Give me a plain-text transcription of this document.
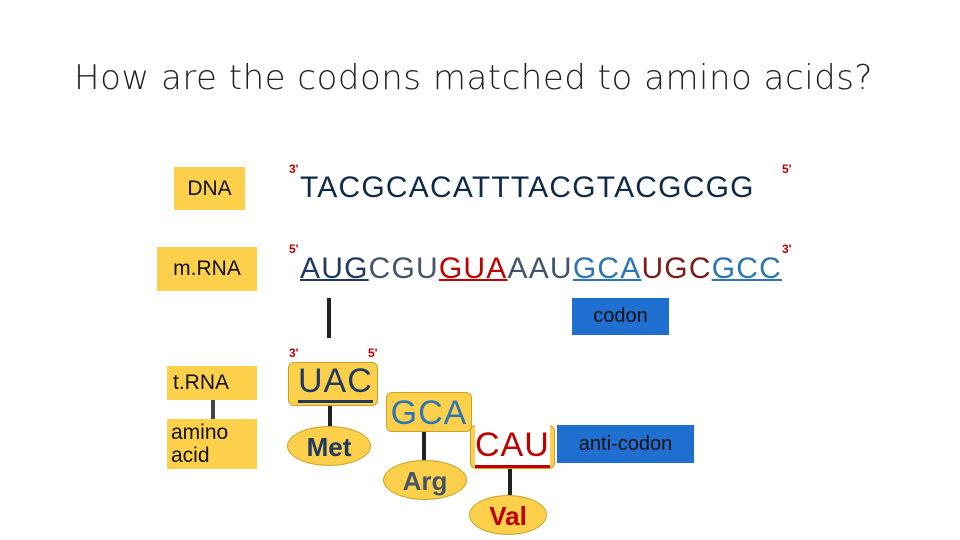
How are the codons matched to amino acids?
DNA
m.RNA
t.RNA
amino acid
3'	5'
TACGCACATTTACGTACGCGG
5'	3'
AUGCGUGUAAAUGCAUGCGCC
codon
3'	5'
UAC
Met
GCA
Arg
CAU	anti-codon
Val
